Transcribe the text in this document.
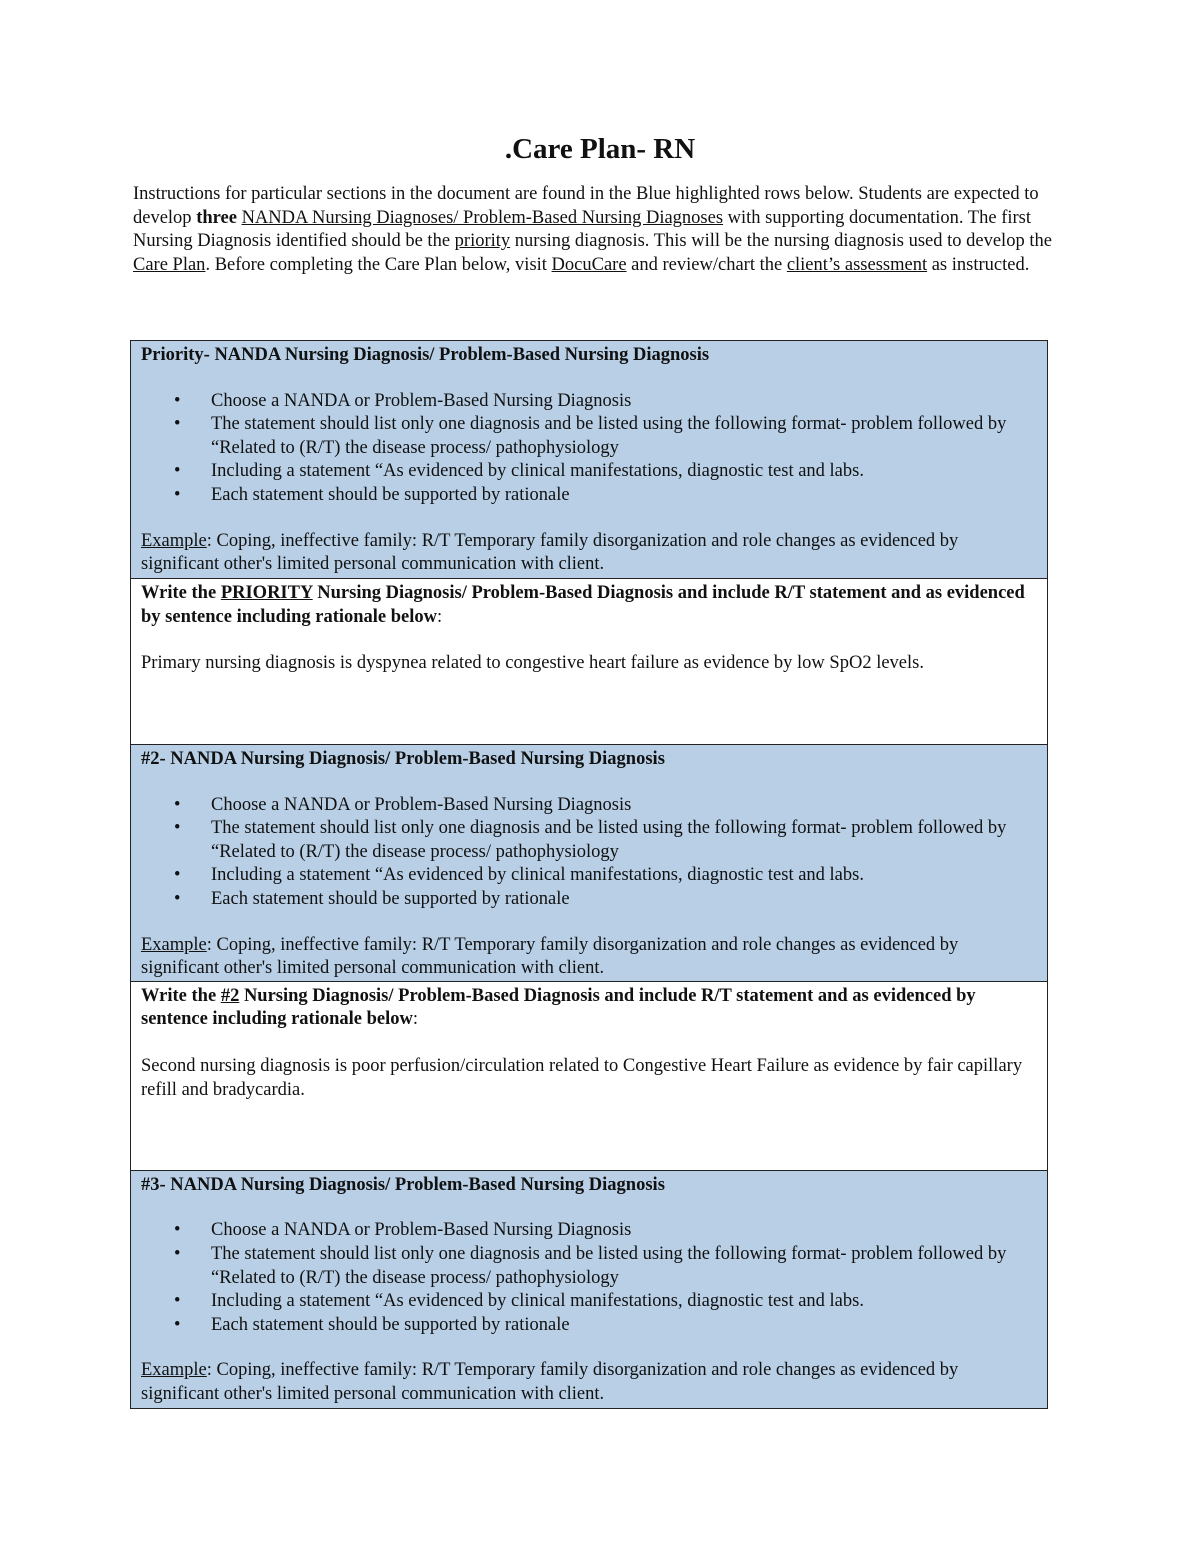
.Care Plan- RN

Instructions for particular sections in the document are found in the Blue highlighted rows below. Students are expected to develop three NANDA Nursing Diagnoses/ Problem-Based Nursing Diagnoses with supporting documentation. The first Nursing Diagnosis identified should be the priority nursing diagnosis. This will be the nursing diagnosis used to develop the Care Plan. Before completing the Care Plan below, visit DocuCare and review/chart the client’s assessment as instructed.

Priority- NANDA Nursing Diagnosis/ Problem-Based Nursing Diagnosis

• Choose a NANDA or Problem-Based Nursing Diagnosis
• The statement should list only one diagnosis and be listed using the following format- problem followed by “Related to (R/T) the disease process/ pathophysiology
• Including a statement “As evidenced by clinical manifestations, diagnostic test and labs.
• Each statement should be supported by rationale

Example: Coping, ineffective family: R/T Temporary family disorganization and role changes as evidenced by significant other's limited personal communication with client.

Write the PRIORITY Nursing Diagnosis/ Problem-Based Diagnosis and include R/T statement and as evidenced by sentence including rationale below:

Primary nursing diagnosis is dyspynea related to congestive heart failure as evidence by low SpO2 levels.

#2- NANDA Nursing Diagnosis/ Problem-Based Nursing Diagnosis

• Choose a NANDA or Problem-Based Nursing Diagnosis
• The statement should list only one diagnosis and be listed using the following format- problem followed by “Related to (R/T) the disease process/ pathophysiology
• Including a statement “As evidenced by clinical manifestations, diagnostic test and labs.
• Each statement should be supported by rationale

Example: Coping, ineffective family: R/T Temporary family disorganization and role changes as evidenced by significant other's limited personal communication with client.

Write the #2 Nursing Diagnosis/ Problem-Based Diagnosis and include R/T statement and as evidenced by sentence including rationale below:

Second nursing diagnosis is poor perfusion/circulation related to Congestive Heart Failure as evidence by fair capillary refill and bradycardia.

#3- NANDA Nursing Diagnosis/ Problem-Based Nursing Diagnosis

• Choose a NANDA or Problem-Based Nursing Diagnosis
• The statement should list only one diagnosis and be listed using the following format- problem followed by “Related to (R/T) the disease process/ pathophysiology
• Including a statement “As evidenced by clinical manifestations, diagnostic test and labs.
• Each statement should be supported by rationale

Example: Coping, ineffective family: R/T Temporary family disorganization and role changes as evidenced by significant other's limited personal communication with client.
